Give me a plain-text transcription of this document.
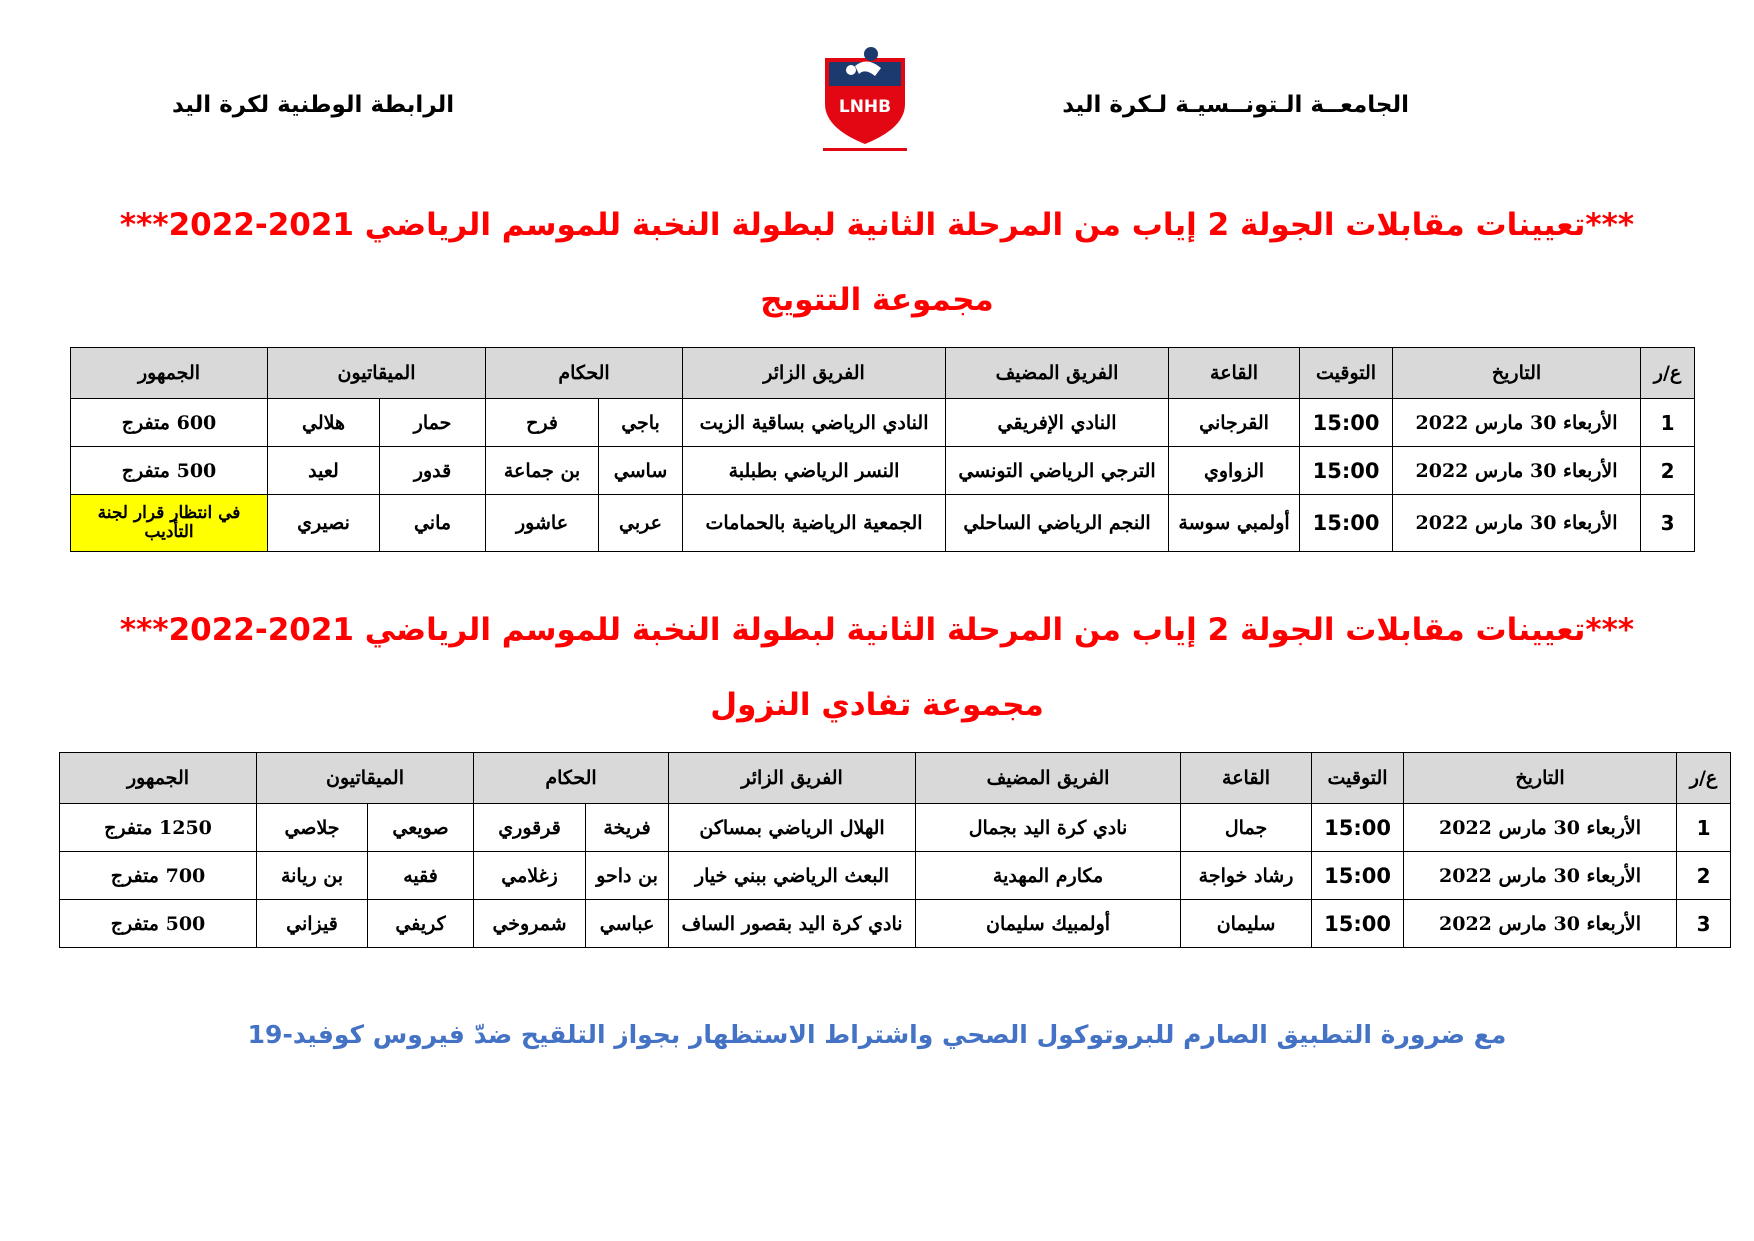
الجامعــة الـتونــسيـة لـكرة اليد
الرابطة الوطنية لكرة اليد	LNHB
***تعيينات مقابلات الجولة 2 إياب من المرحلة الثانية لبطولة النخبة للموسم الرياضي 2021-2022***
مجموعة التتويج
ع/ر	التاريخ	التوقيت	القاعة	الفريق المضيف	الفريق الزائر	الحكام		الميقاتيون		الجمهور
1	الأربعاء 30 مارس 2022	15:00	القرجاني	النادي الإفريقي	النادي الرياضي بساقية الزيت	باجي	فرح	حمار	هلالي	600 متفرج
2	الأربعاء 30 مارس 2022	15:00	الزواوي	الترجي الرياضي التونسي	النسر الرياضي بطبلبة	ساسي	بن جماعة	قدور	لعيد	500 متفرج
3	الأربعاء 30 مارس 2022	15:00	أولمبي سوسة	النجم الرياضي الساحلي	الجمعية الرياضية بالحمامات	عربي	عاشور	ماني	نصيري	في انتظار قرار لجنة التأديب
***تعيينات مقابلات الجولة 2 إياب من المرحلة الثانية لبطولة النخبة للموسم الرياضي 2021-2022***
مجموعة تفادي النزول
ع/ر	التاريخ	التوقيت	القاعة	الفريق المضيف	الفريق الزائر	الحكام		الميقاتيون		الجمهور
1	الأربعاء 30 مارس 2022	15:00	جمال	نادي كرة اليد بجمال	الهلال الرياضي بمساكن	فريخة	قرقوري	صويعي	جلاصي	1250 متفرج
2	الأربعاء 30 مارس 2022	15:00	رشاد خواجة	مكارم المهدية	البعث الرياضي ببني خيار	بن داحو	زغلامي	فقيه	بن ريانة	700 متفرج
3	الأربعاء 30 مارس 2022	15:00	سليمان	أولمبيك سليمان	نادي كرة اليد بقصور الساف	عباسي	شمروخي	كريفي	قيزاني	500 متفرج
مع ضرورة التطبيق الصارم للبروتوكول الصحي واشتراط الاستظهار بجواز التلقيح ضدّ فيروس كوفيد-19
